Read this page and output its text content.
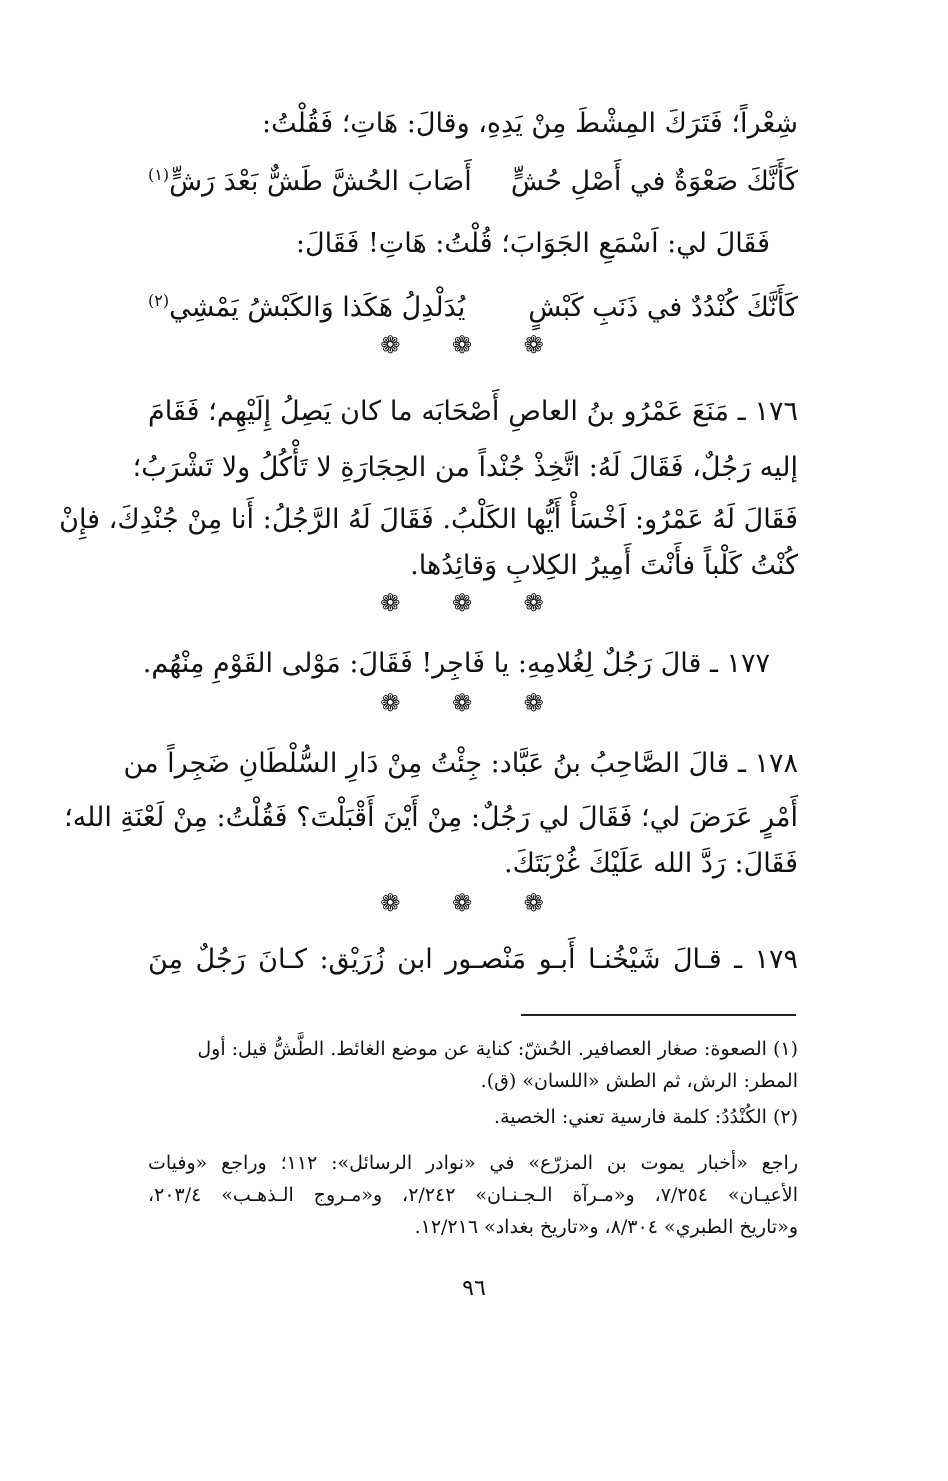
شِعْراً؛ فَتَرَكَ المِشْطَ مِنْ يَدِهِ، وقالَ: هَاتِ؛ فَقُلْتُ:
كَأَنَّكَ صَعْوَةٌ في أَصْلِ حُشٍّ
أَصَابَ الحُشَّ طَشٌّ بَعْدَ رَشٍّ$^{(١)}$
فَقَالَ لي: اَسْمَعِ الجَوَابَ؛ قُلْتُ: هَاتِ! فَقَالَ:
كَأَنَّكَ كُنْدُدٌ في ذَنَبِ كَبْشٍ
يُدَلْدِلُ هَكَذا وَالكَبْشُ يَمْشِي$^{(٢)}$
❁ ❁ ❁
١٧٦ ـ مَنَعَ عَمْرُو بنُ العاصِ أَصْحَابَه ما كان يَصِلُ إِلَيْهِم؛ فَقَامَ
إليه رَجُلٌ، فَقَالَ لَهُ: اتَّخِذْ جُنْداً من الحِجَارَةِ لا تَأْكُلُ ولا تَشْرَبُ؛
فَقَالَ لَهُ عَمْرُو: اَخْسَأْ أَيُّها الكَلْبُ. فَقَالَ لَهُ الرَّجُلُ: أَنا مِنْ جُنْدِكَ، فإِنْ
كُنْتُ كَلْباً فأَنْتَ أَمِيرُ الكِلابِ وَقائِدُها.
❁ ❁ ❁
١٧٧ ـ قالَ رَجُلٌ لِغُلامِهِ: يا فَاجِر! فَقَالَ: مَوْلى القَوْمِ مِنْهُم.
❁ ❁ ❁
١٧٨ ـ قالَ الصَّاحِبُ بنُ عَبَّاد: جِئْتُ مِنْ دَارِ السُّلْطَانِ ضَجِراً من
أَمْرٍ عَرَضَ لي؛ فَقَالَ لي رَجُلٌ: مِنْ أَيْنَ أَقْبَلْتَ؟ فَقُلْتُ: مِنْ لَعْنَةِ الله؛
فَقَالَ: رَدَّ الله عَلَيْكَ غُرْبَتَكَ.
❁ ❁ ❁
١٧٩ ـ قـالَ شَيْخُنـا أَبـو مَنْصـور ابن زُرَيْق: كـانَ رَجُلٌ مِنَ
(١) الصعوة: صغار العصافير. الحُشّ: كناية عن موضع الغائط. الطَّشُّ قيل: أول
المطر: الرش، ثم الطش «اللسان» (ق).
(٢) الكُنْدُدُ: كلمة فارسية تعني: الخصية.
راجع «أخبار يموت بن المزرّع» في «نوادر الرسائل»: ١١٢؛ وراجع «وفيات
الأعيـان» ٧/٢٥٤، و«مـرآة الـجـنـان» ٢/٢٤٢، و«مـروج الـذهـب» ٢٠٣/٤،
و«تاريخ الطبري» ٨/٣٠٤، و«تاريخ بغداد» ١٢/٢١٦.
٩٦
